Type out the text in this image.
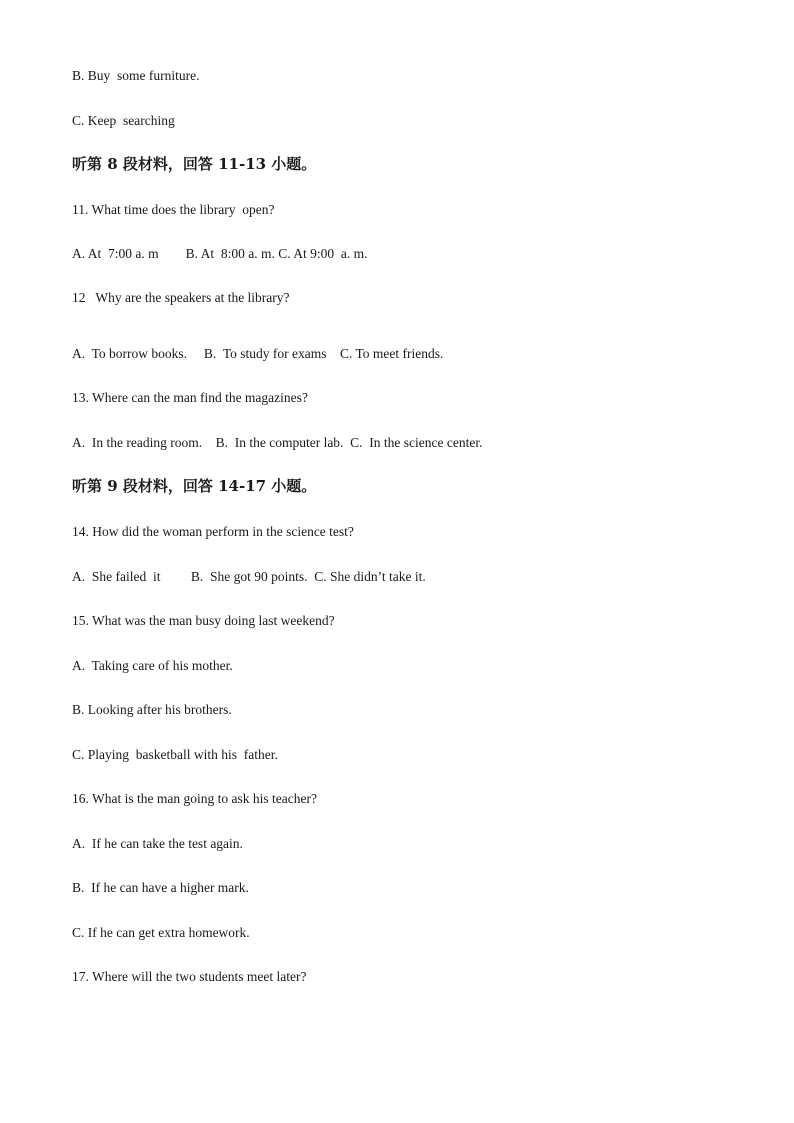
B. Buy  some furniture.
C. Keep  searching
听第 8 段材料，回答 11-13 小题。
11. What time does the library  open?
A. At  7:00 a. m        B. At  8:00 a. m. C. At 9:00  a. m.
12   Why are the speakers at the library?
A.  To borrow books.     B.  To study for exams    C. To meet friends.
13. Where can the man find the magazines?
A.  In the reading room.    B.  In the computer lab.  C.  In the science center.
听第 9 段材料，回答 14-17 小题。
14. How did the woman perform in the science test?
A.  She failed  it         B.  She got 90 points.  C. She didn’t take it.
15. What was the man busy doing last weekend?
A.  Taking care of his mother.
B. Looking after his brothers.
C. Playing  basketball with his  father.
16. What is the man going to ask his teacher?
A.  If he can take the test again.
B.  If he can have a higher mark.
C. If he can get extra homework.
17. Where will the two students meet later?
